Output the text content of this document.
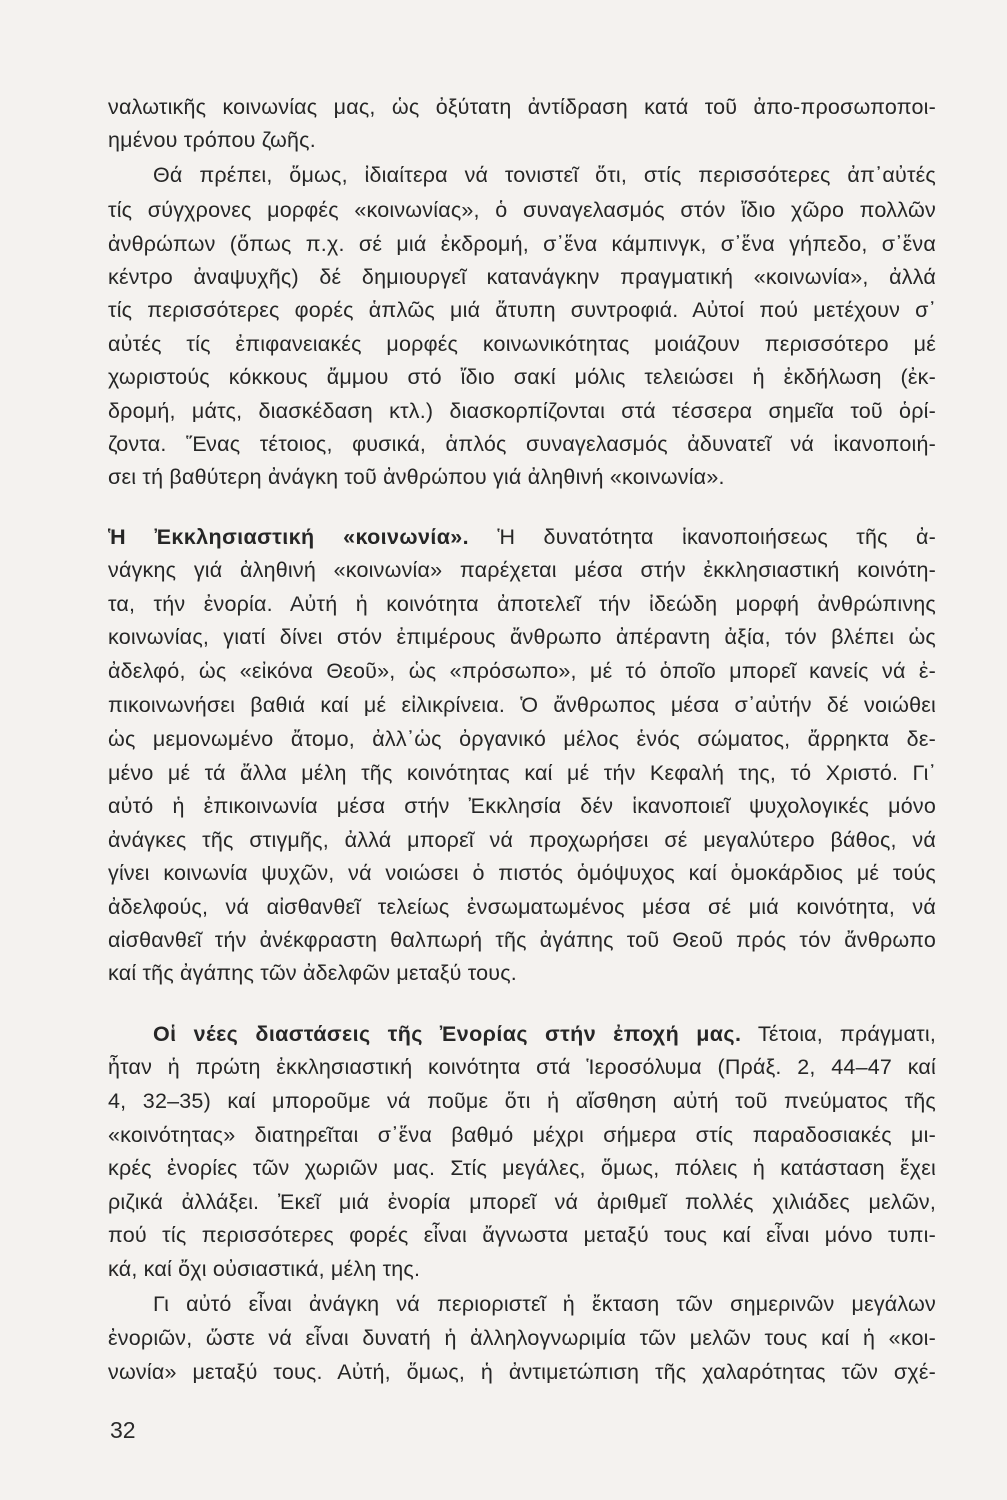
ναλωτικῆς κοινωνίας μας, ὡς ὀξύτατη ἀντίδραση κατά τοῦ ἀπο-προσωποποι-
ημένου τρόπου ζωῆς.
Θά πρέπει, ὅμως, ἰδιαίτερα νά τονιστεῖ ὅτι, στίς περισσότερες ἀπ᾽αὐτές
τίς σύγχρονες μορφές «κοινωνίας», ὁ συναγελασμός στόν ἴδιο χῶρο πολλῶν
ἀνθρώπων (ὅπως π.χ. σέ μιά ἐκδρομή, σ᾽ἕνα κάμπινγκ, σ᾽ἕνα γήπεδο, σ᾽ἕνα
κέντρο ἀναψυχῆς) δέ δημιουργεῖ κατανάγκην πραγματική «κοινωνία», ἀλλά
τίς περισσότερες φορές ἁπλῶς μιά ἄτυπη συντροφιά. Αὐτοί πού μετέχουν σ᾽
αὐτές τίς ἐπιφανειακές μορφές κοινωνικότητας μοιάζουν περισσότερο μέ
χωριστούς κόκκους ἄμμου στό ἴδιο σακί μόλις τελειώσει ἡ ἐκδήλωση (ἐκ-
δρομή, μάτς, διασκέδαση κτλ.) διασκορπίζονται στά τέσσερα σημεῖα τοῦ ὁρί-
ζοντα. Ἕνας τέτοιος, φυσικά, ἁπλός συναγελασμός ἀδυνατεῖ νά ἱκανοποιή-
σει τή βαθύτερη ἀνάγκη τοῦ ἀνθρώπου γιά ἀληθινή «κοινωνία».
Ἡ Ἐκκλησιαστική «κοινωνία». Ἡ δυνατότητα ἱκανοποιήσεως τῆς ἀ-
νάγκης γιά ἀληθινή «κοινωνία» παρέχεται μέσα στήν ἐκκλησιαστική κοινότη-
τα, τήν ἐνορία. Αὐτή ἡ κοινότητα ἀποτελεῖ τήν ἰδεώδη μορφή ἀνθρώπινης
κοινωνίας, γιατί δίνει στόν ἐπιμέρους ἄνθρωπο ἀπέραντη ἀξία, τόν βλέπει ὡς
ἀδελφό, ὡς «εἰκόνα Θεοῦ», ὡς «πρόσωπο», μέ τό ὁποῖο μπορεῖ κανείς νά ἐ-
πικοινωνήσει βαθιά καί μέ εἰλικρίνεια. Ὁ ἄνθρωπος μέσα σ᾽αὐτήν δέ νοιώθει
ὡς μεμονωμένο ἄτομο, ἀλλ᾽ὡς ὀργανικό μέλος ἑνός σώματος, ἄρρηκτα δε-
μένο μέ τά ἄλλα μέλη τῆς κοινότητας καί μέ τήν Κεφαλή της, τό Χριστό. Γι᾽
αὐτό ἡ ἐπικοινωνία μέσα στήν Ἐκκλησία δέν ἱκανοποιεῖ ψυχολογικές μόνο
ἀνάγκες τῆς στιγμῆς, ἀλλά μπορεῖ νά προχωρήσει σέ μεγαλύτερο βάθος, νά
γίνει κοινωνία ψυχῶν, νά νοιώσει ὁ πιστός ὁμόψυχος καί ὁμοκάρδιος μέ τούς
ἀδελφούς, νά αἰσθανθεῖ τελείως ἐνσωματωμένος μέσα σέ μιά κοινότητα, νά
αἰσθανθεῖ τήν ἀνέκφραστη θαλπωρή τῆς ἀγάπης τοῦ Θεοῦ πρός τόν ἄνθρωπο
καί τῆς ἀγάπης τῶν ἀδελφῶν μεταξύ τους.
Οἱ νέες διαστάσεις τῆς Ἐνορίας στήν ἐποχή μας. Τέτοια, πράγματι,
ἦταν ἡ πρώτη ἐκκλησιαστική κοινότητα στά Ἱεροσόλυμα (Πράξ. 2, 44–47 καί
4, 32–35) καί μποροῦμε νά ποῦμε ὅτι ἡ αἴσθηση αὐτή τοῦ πνεύματος τῆς
«κοινότητας» διατηρεῖται σ᾽ἕνα βαθμό μέχρι σήμερα στίς παραδοσιακές μι-
κρές ἐνορίες τῶν χωριῶν μας. Στίς μεγάλες, ὅμως, πόλεις ἡ κατάσταση ἔχει
ριζικά ἀλλάξει. Ἐκεῖ μιά ἐνορία μπορεῖ νά ἀριθμεῖ πολλές χιλιάδες μελῶν,
πού τίς περισσότερες φορές εἶναι ἄγνωστα μεταξύ τους καί εἶναι μόνο τυπι-
κά, καί ὄχι οὐσιαστικά, μέλη της.
Γι αὐτό εἶναι ἀνάγκη νά περιοριστεῖ ἡ ἔκταση τῶν σημερινῶν μεγάλων
ἐνοριῶν, ὥστε νά εἶναι δυνατή ἡ ἀλληλογνωριμία τῶν μελῶν τους καί ἡ «κοι-
νωνία» μεταξύ τους. Αὐτή, ὅμως, ἡ ἀντιμετώπιση τῆς χαλαρότητας τῶν σχέ-
32
